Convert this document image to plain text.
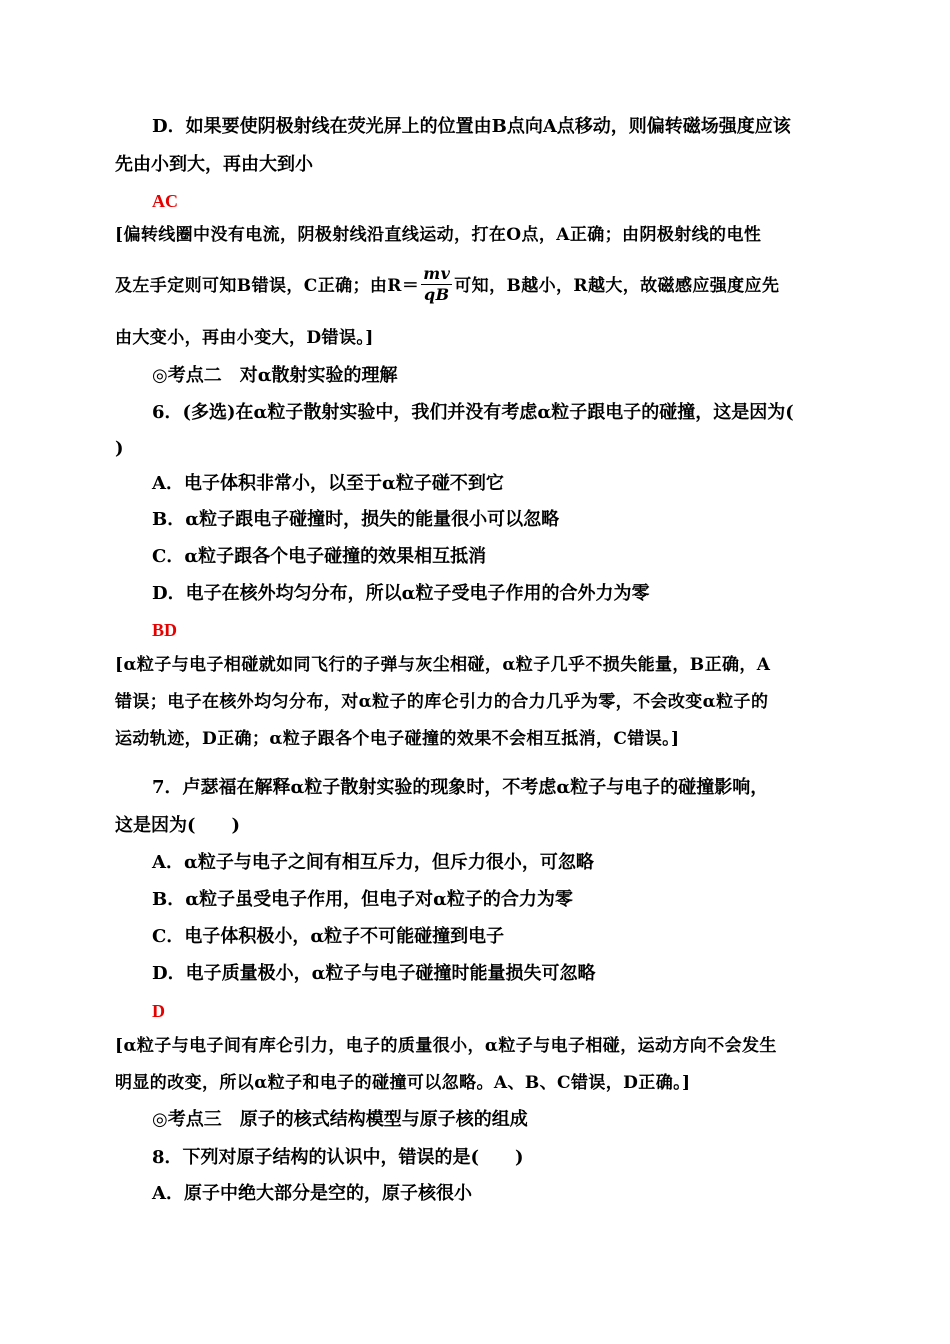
D．如果要使阴极射线在荧光屏上的位置由B点向A点移动，则偏转磁场强度应该
先由小到大，再由大到小
AC
[偏转线圈中没有电流，阴极射线沿直线运动，打在O点，A正确；由阴极射线的电性
及左手定则可知B错误，C正确；由$R= \frac{mv}{qB}$ 可知，B越小，R越大，故磁感应强度应先
由大变小，再由小变大，D错误。]
◎考点二　对α散射实验的理解
6．(多选)在α粒子散射实验中，我们并没有考虑α粒子跟电子的碰撞，这是因为(
)
A．电子体积非常小，以至于α粒子碰不到它
B．α粒子跟电子碰撞时，损失的能量很小可以忽略
C．α粒子跟各个电子碰撞的效果相互抵消
D．电子在核外均匀分布，所以α粒子受电子作用的合外力为零
BD
[α粒子与电子相碰就如同飞行的子弹与灰尘相碰，α粒子几乎不损失能量，B正确，A
错误；电子在核外均匀分布，对α粒子的库仑引力的合力几乎为零，不会改变α粒子的
运动轨迹，D正确；α粒子跟各个电子碰撞的效果不会相互抵消，C错误。]
7．卢瑟福在解释α粒子散射实验的现象时，不考虑α粒子与电子的碰撞影响，
这是因为(　　)
A．α粒子与电子之间有相互斥力，但斥力很小，可忽略
B．α粒子虽受电子作用，但电子对α粒子的合力为零
C．电子体积极小，α粒子不可能碰撞到电子
D．电子质量极小，α粒子与电子碰撞时能量损失可忽略
D
[α粒子与电子间有库仑引力，电子的质量很小，α粒子与电子相碰，运动方向不会发生
明显的改变，所以α粒子和电子的碰撞可以忽略。A、B、C错误，D正确。]
◎考点三　原子的核式结构模型与原子核的组成
8．下列对原子结构的认识中，错误的是(　　)
A．原子中绝大部分是空的，原子核很小
